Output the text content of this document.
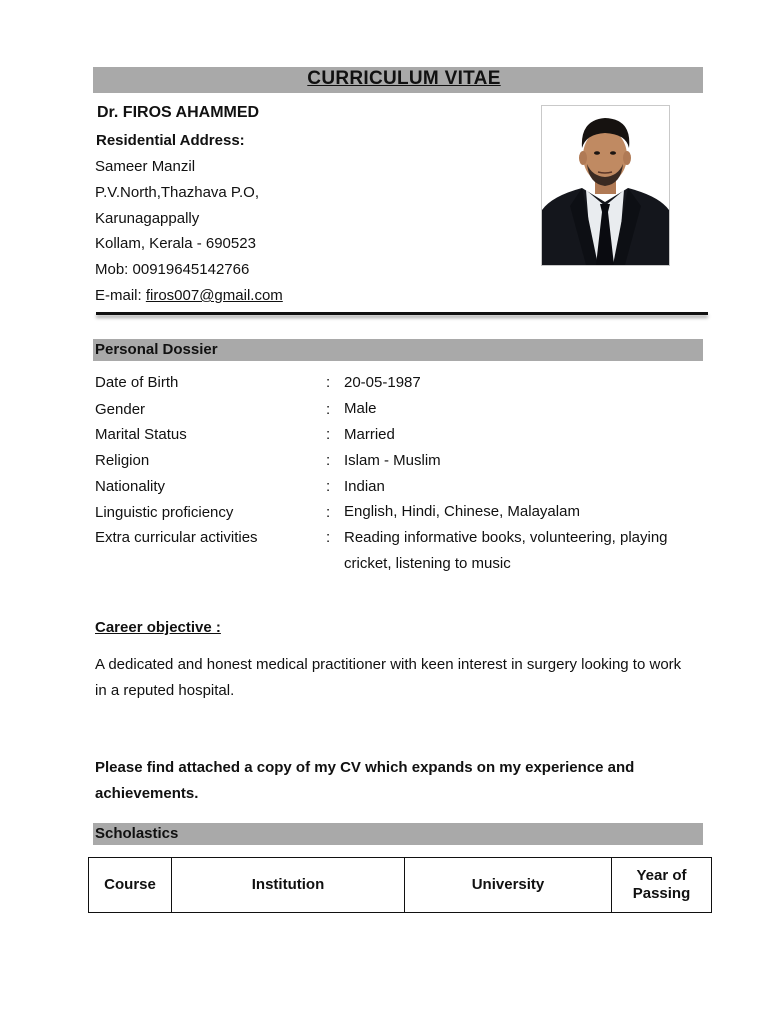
CURRICULUM VITAE
Dr. FIROS AHAMMED
Residential Address:
Sameer Manzil
P.V.North,Thazhava P.O,
Karunagappally
Kollam, Kerala - 690523
Mob: 00919645142766
E-mail: firos007@gmail.com
Personal Dossier
Date of Birth	: 20-05-1987
Gender	: Male
Marital Status	: Married
Religion	: Islam - Muslim
Nationality	: Indian
Linguistic proficiency	: English, Hindi, Chinese, Malayalam
Extra curricular activities	: Reading informative books, volunteering, playing cricket, listening to music
Career objective :
A dedicated and honest medical practitioner with keen interest in surgery looking to work in a reputed hospital.
Please find attached a copy of my CV which expands on my experience and achievements.
Scholastics
Course	Institution	University	Year of Passing
